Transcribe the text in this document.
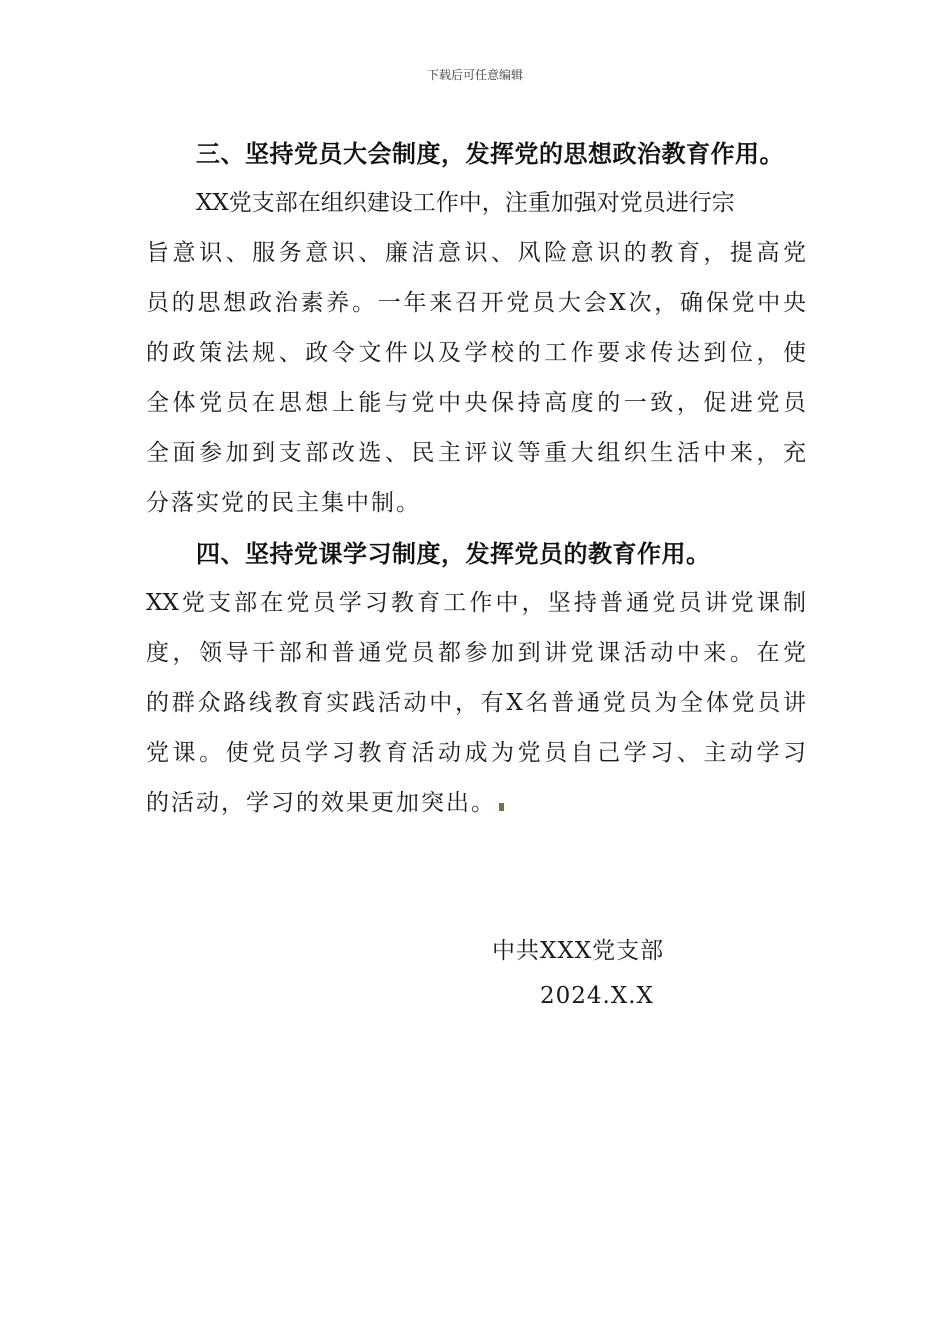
下载后可任意编辑
三、坚持党员大会制度，发挥党的思想政治教育作用。
XX党支部在组织建设工作中，注重加强对党员进行宗
旨意识、服务意识、廉洁意识、风险意识的教育，提高党
员的思想政治素养。一年来召开党员大会X次，确保党中央
的政策法规、政令文件以及学校的工作要求传达到位，使
全体党员在思想上能与党中央保持高度的一致，促进党员
全面参加到支部改选、民主评议等重大组织生活中来，充
分落实党的民主集中制。
四、坚持党课学习制度，发挥党员的教育作用。
XX党支部在党员学习教育工作中，坚持普通党员讲党课制
度，领导干部和普通党员都参加到讲党课活动中来。在党
的群众路线教育实践活动中，有X名普通党员为全体党员讲
党课。使党员学习教育活动成为党员自己学习、主动学习
的活动，学习的效果更加突出。
中共XXX党支部
2024.X.X
